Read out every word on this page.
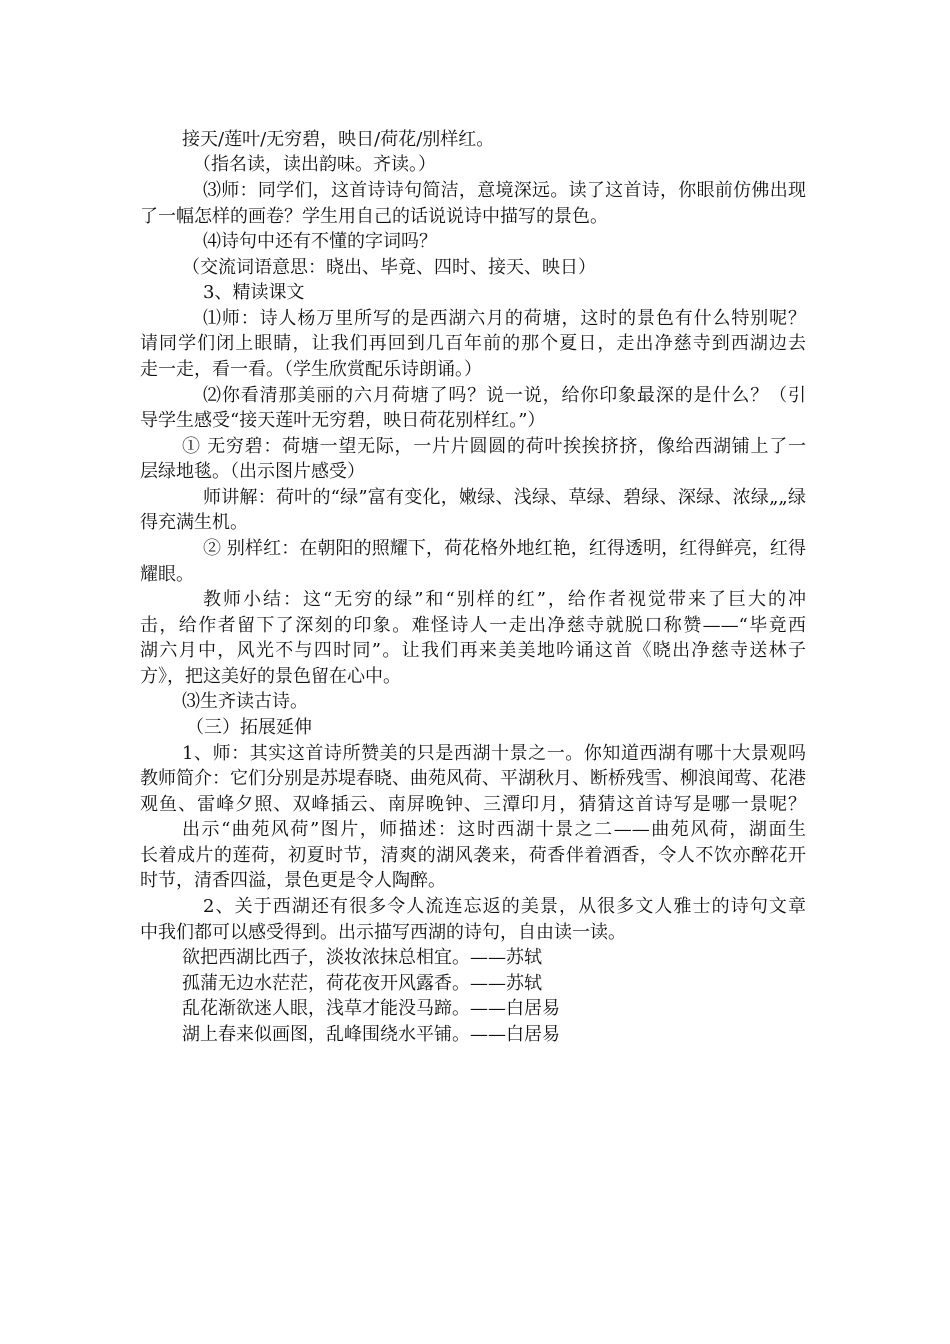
接天/莲叶/无穷碧，映日/荷花/别样红。
（指名读，读出韵味。齐读。）
⑶师：同学们，这首诗诗句简洁，意境深远。读了这首诗，你眼前仿佛出现
了一幅怎样的画卷？学生用自己的话说说诗中描写的景色。
⑷诗句中还有不懂的字词吗？
（交流词语意思：晓出、毕竟、四时、接天、映日）
3、精读课文
⑴师：诗人杨万里所写的是西湖六月的荷塘，这时的景色有什么特别呢？
请同学们闭上眼睛，让我们再回到几百年前的那个夏日，走出净慈寺到西湖边去
走一走，看一看。（学生欣赏配乐诗朗诵。）
⑵你看清那美丽的六月荷塘了吗？说一说，给你印象最深的是什么？（引
导学生感受“接天莲叶无穷碧，映日荷花别样红。”）
① 无穷碧：荷塘一望无际，一片片圆圆的荷叶挨挨挤挤，像给西湖铺上了一
层绿地毯。（出示图片感受）
师讲解：荷叶的“绿”富有变化，嫩绿、浅绿、草绿、碧绿、深绿、浓绿„„绿
得充满生机。
② 别样红：在朝阳的照耀下，荷花格外地红艳，红得透明，红得鲜亮，红得
耀眼。
教师小结：这“无穷的绿”和“别样的红”，给作者视觉带来了巨大的冲
击，给作者留下了深刻的印象。难怪诗人一走出净慈寺就脱口称赞——“毕竟西
湖六月中，风光不与四时同”。让我们再来美美地吟诵这首《晓出净慈寺送林子
方》，把这美好的景色留在心中。
⑶生齐读古诗。
（三）拓展延伸
1、师：其实这首诗所赞美的只是西湖十景之一。你知道西湖有哪十大景观吗
教师简介：它们分别是苏堤春晓、曲苑风荷、平湖秋月、断桥残雪、柳浪闻莺、花港
观鱼、雷峰夕照、双峰插云、南屏晚钟、三潭印月，猜猜这首诗写是哪一景呢？
出示“曲苑风荷”图片，师描述：这时西湖十景之二——曲苑风荷，湖面生
长着成片的莲荷，初夏时节，清爽的湖风袭来，荷香伴着酒香，令人不饮亦醉花开
时节，清香四溢，景色更是令人陶醉。
2、关于西湖还有很多令人流连忘返的美景，从很多文人雅士的诗句文章
中我们都可以感受得到。出示描写西湖的诗句，自由读一读。
欲把西湖比西子，淡妆浓抹总相宜。——苏轼
孤蒲无边水茫茫，荷花夜开风露香。——苏轼
乱花渐欲迷人眼，浅草才能没马蹄。——白居易
湖上春来似画图，乱峰围绕水平铺。——白居易
